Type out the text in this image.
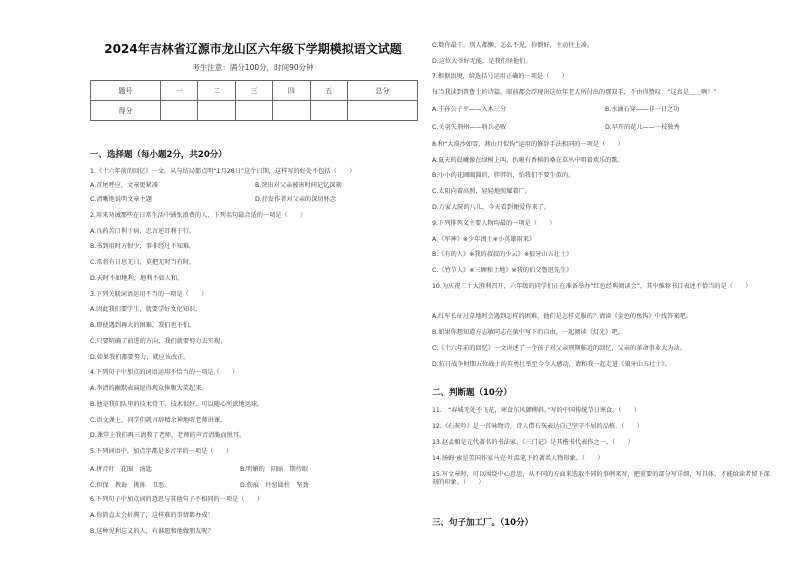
2024年吉林省辽源市龙山区六年级下学期模拟语文试题
考生注意：满分100分，时间90分钟
题号	一	二	三	四	五	总分
得分						
一、选择题（每小题2分，共20分）
1.《十六年前的回忆》一文，从与结局都点明“1月28日”这个日期，这样写的好处不包括（　　）
A.首尾呼应，文章更紧凑	B.突出对父亲被害时间记忆深刻
C.清晰地说明文章主题	D.抒发作者对父亲的深切怀念
2.用来劝诫那些在日常生活中铺张浪费的人，下列名句最合适的一项是（　　）
A.良药苦口利于病，忠言逆耳利于行。
B.书到用时方恨少，事非经过不知难。
C.常将有日思无日，莫把无时当有时。
D.天时不如地利，地利不如人和。
3.下列关联词语运用不当的一项是（　　）
A.因此我们要学生，就要学好文化知识。
B.即使遇到再大的困难，我们也不怕。
C.只要明确了前进的方向，我们就要努力去实现。
D.如果我们都要努力，就应该改正。
4.下列句子中加点的词语运用不恰当的一项是（　　）
A.李清的幽默表演逗得观众捧腹大笑起来。
B.他是我们队里的技术骨干，技术很好，可以随心所欲地运球。
C.语文课上，同学们就言辞精余神地听老师讲课。
D.课堂上我们再三请教了老师，老师的声音清脆而悦耳。
5.下列词语中，加点字都是多音字的一项是（　　）
A.拼音叶　花圈　汤匙	B.明媚的　阴暗　期待眼
C.担保　教诲　挑拣　丑恶	D.伤痕　坯窑圆柱　坚劲
6.下列句子中加点词的意思与其他句子不相同的一项是（　　）
A.你简直太会折腾了，这样难的事情都办成！
B.这种见利忘义的人，有谁愿和他做朋友呢？
C.数你最干，别人都懒，怎么不见，你倒好，主动往上凑。
D.这位大爷好无能，是我们怪他们。
7.根据语境，给选括号运用正确的一项是（　　）
每当我读到普鲁士的诗篇，眼前都会浮现出这位年老人所付出的那双手，不由得赞叹：“这真是＿＿啊！”
A.王孙公子平——入木三分	B.水滴石穿——非一日之功
C.关羽失荆州——骄兵必败	D.早开的花儿——一枝独秀
8.和“大漠沙如雪，燕山月似钩”运用的修辞手法相同的一项是（　　）
A.夏天的晨曦像在绿树上叫，扒啦有香槟的桑在草丛中唱着欢乐的歌。
B.小小的花圃圈圆的，胖胖的，怕我们不要生似的。
C.太阳向着高照，轻轻地照耀着广。
D.万家大院的八儿，今天看到便爱你来了。
9.下列排列义主要人物均最的一项是（　　）
A.《军神》※少年闰土※小英雄雨来》
B.《有的人》※我的叔叔的少云》※狼牙山五壮士》
C.《竹节人》※三顾和土地》※我的伯父鲁迅先生》
10.为庆祝二十大胜利召开，六年级的同学们正在准备举办“红色经典阅读会”，其中推荐书目表述不恰当的是（　　）
A.红军长征过草地时会遇到怎样的困难，他们是怎样克服的？请读《金色的鱼钩》中找答案吧。
B.如果你想知道方志敏同志在狱中写下的自由，一起阅读《灯光》吧。
C.《十六年前的回忆》一文讲述了一个孩子对父亲刑期临近的回忆，父亲的革命事业大为动。
D.抗日战争时期五位战士的英勇壮举至今令人感动，请和我一起走进《狼牙山五壮士》。
二、判断题（10分）
11.　“春城无处不飞花，寒食东风御柳斜。”写的中国传统节日寒食。（　　）
12.《石灰吟》是一首咏物诗，诗人借石灰表达自己坚守不屈的品格。（　　）
13.赵孟頫是元代著名的书法家，《三门记》是其楷书代表作之一。（　　）
14.汤姆·索是美国作家马克·吐温笔下的著名人物形象。（　　）
15.写文章时，可以围绕中心意思，从不同的方面来选取不同的事例来写，把重要的部分写详细，写具体，才能给读者留下深刻的印象。（　　）
三、句子加工厂。（10分）
